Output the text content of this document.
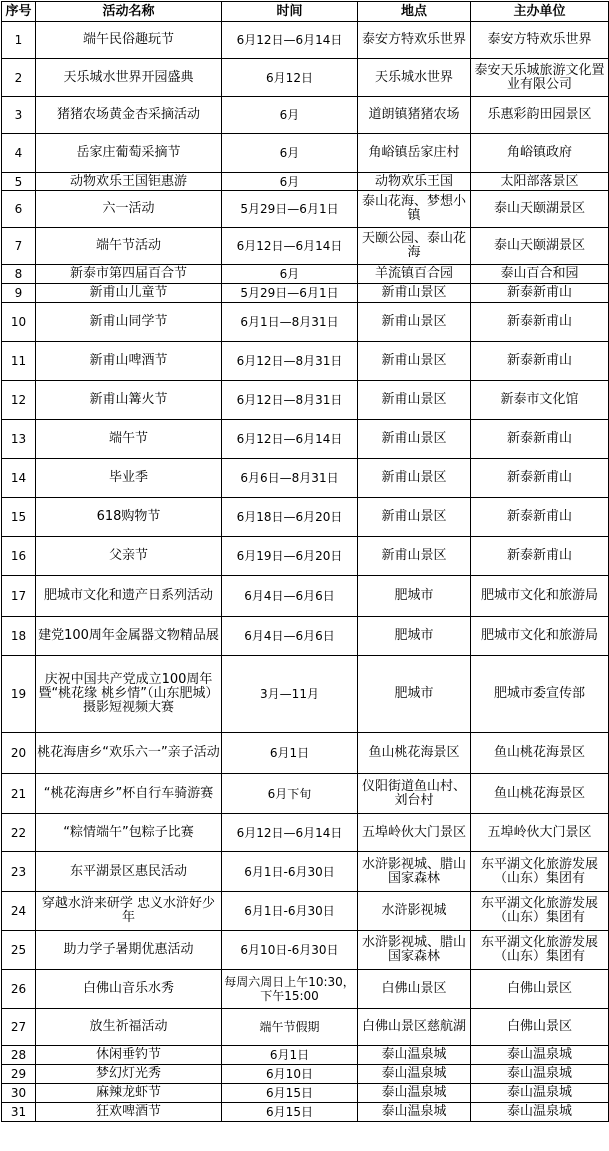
序号	活动名称	时间	地点	主办单位
1	端午民俗趣玩节	6月12日—6月14日	泰安方特欢乐世界	泰安方特欢乐世界
2	天乐城水世界开园盛典	6月12日	天乐城水世界	泰安天乐城旅游文化置业有限公司
3	猪猪农场黄金杏采摘活动	6月	道朗镇猪猪农场	乐惠彩韵田园景区
4	岳家庄葡萄采摘节	6月	角峪镇岳家庄村	角峪镇政府
5	动物欢乐王国钜惠游	6月	动物欢乐王国	太阳部落景区
6	六一活动	5月29日—6月1日	泰山花海、梦想小镇	泰山天颐湖景区
7	端午节活动	6月12日—6月14日	天颐公园、泰山花海	泰山天颐湖景区
8	新泰市第四届百合节	6月	羊流镇百合园	泰山百合和园
9	新甫山儿童节	5月29日—6月1日	新甫山景区	新泰新甫山
10	新甫山同学节	6月1日—8月31日	新甫山景区	新泰新甫山
11	新甫山啤酒节	6月12日—8月31日	新甫山景区	新泰新甫山
12	新甫山篝火节	6月12日—8月31日	新甫山景区	新泰市文化馆
13	端午节	6月12日—6月14日	新甫山景区	新泰新甫山
14	毕业季	6月6日—8月31日	新甫山景区	新泰新甫山
15	618购物节	6月18日—6月20日	新甫山景区	新泰新甫山
16	父亲节	6月19日—6月20日	新甫山景区	新泰新甫山
17	肥城市文化和遗产日系列活动	6月4日—6月6日	肥城市	肥城市文化和旅游局
18	建党100周年金属器文物精品展	6月4日—6月6日	肥城市	肥城市文化和旅游局
19	庆祝中国共产党成立100周年暨“桃花缘 桃乡情”（山东肥城）摄影短视频大赛	3月—11月	肥城市	肥城市委宣传部
20	桃花海唐乡“欢乐六一”亲子活动	6月1日	鱼山桃花海景区	鱼山桃花海景区
21	“桃花海唐乡”杯自行车骑游赛	6月下旬	仪阳街道鱼山村、刘台村	鱼山桃花海景区
22	“粽情端午”包粽子比赛	6月12日—6月14日	五埠岭伙大门景区	五埠岭伙大门景区
23	东平湖景区惠民活动	6月1日-6月30日	水浒影视城、腊山国家森林	东平湖文化旅游发展（山东）集团有
24	穿越水浒来研学 忠义水浒好少年	6月1日-6月30日	水浒影视城	东平湖文化旅游发展（山东）集团有
25	助力学子暑期优惠活动	6月10日-6月30日	水浒影视城、腊山国家森林	东平湖文化旅游发展（山东）集团有
26	白佛山音乐水秀	每周六周日上午10:30，下午15:00	白佛山景区	白佛山景区
27	放生祈福活动	端午节假期	白佛山景区慈航湖	白佛山景区
28	休闲垂钓节	6月1日	泰山温泉城	泰山温泉城
29	梦幻灯光秀	6月10日	泰山温泉城	泰山温泉城
30	麻辣龙虾节	6月15日	泰山温泉城	泰山温泉城
31	狂欢啤酒节	6月15日	泰山温泉城	泰山温泉城
